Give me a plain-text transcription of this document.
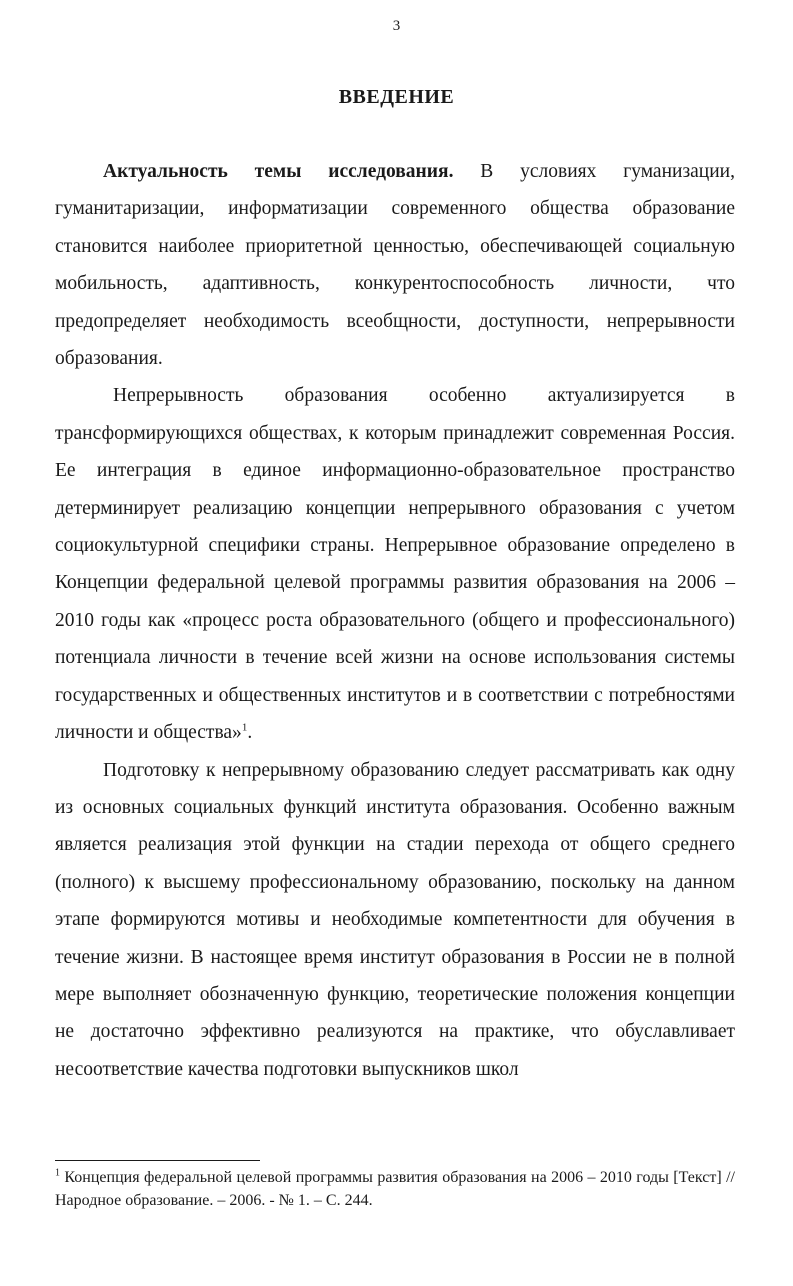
3
ВВЕДЕНИЕ

Актуальность темы исследования. В условиях гуманизации, гуманитаризации, информатизации современного общества образование становится наиболее приоритетной ценностью, обеспечивающей социальную мобильность, адаптивность, конкурентоспособность личности, что предопределяет необходимость всеобщности, доступности, непрерывности образования.

Непрерывность образования особенно актуализируется в трансформирующихся обществах, к которым принадлежит современная Россия. Ее интеграция в единое информационно-образовательное пространство детерминирует реализацию концепции непрерывного образования с учетом социокультурной специфики страны. Непрерывное образование определено в Концепции федеральной целевой программы развития образования на 2006 – 2010 годы как «процесс роста образовательного (общего и профессионального) потенциала личности в течение всей жизни на основе использования системы государственных и общественных институтов и в соответствии с потребностями личности и общества»$^1$.

Подготовку к непрерывному образованию следует рассматривать как одну из основных социальных функций института образования. Особенно важным является реализация этой функции на стадии перехода от общего среднего (полного) к высшему профессиональному образованию, поскольку на данном этапе формируются мотивы и необходимые компетентности для обучения в течение жизни. В настоящее время институт образования в России не в полной мере выполняет обозначенную функцию, теоретические положения концепции не достаточно эффективно реализуются на практике, что обуславливает несоответствие качества подготовки выпускников школ

$^1$ Концепция федеральной целевой программы развития образования на 2006 – 2010 годы [Текст] // Народное образование. – 2006. - № 1. – С. 244.
